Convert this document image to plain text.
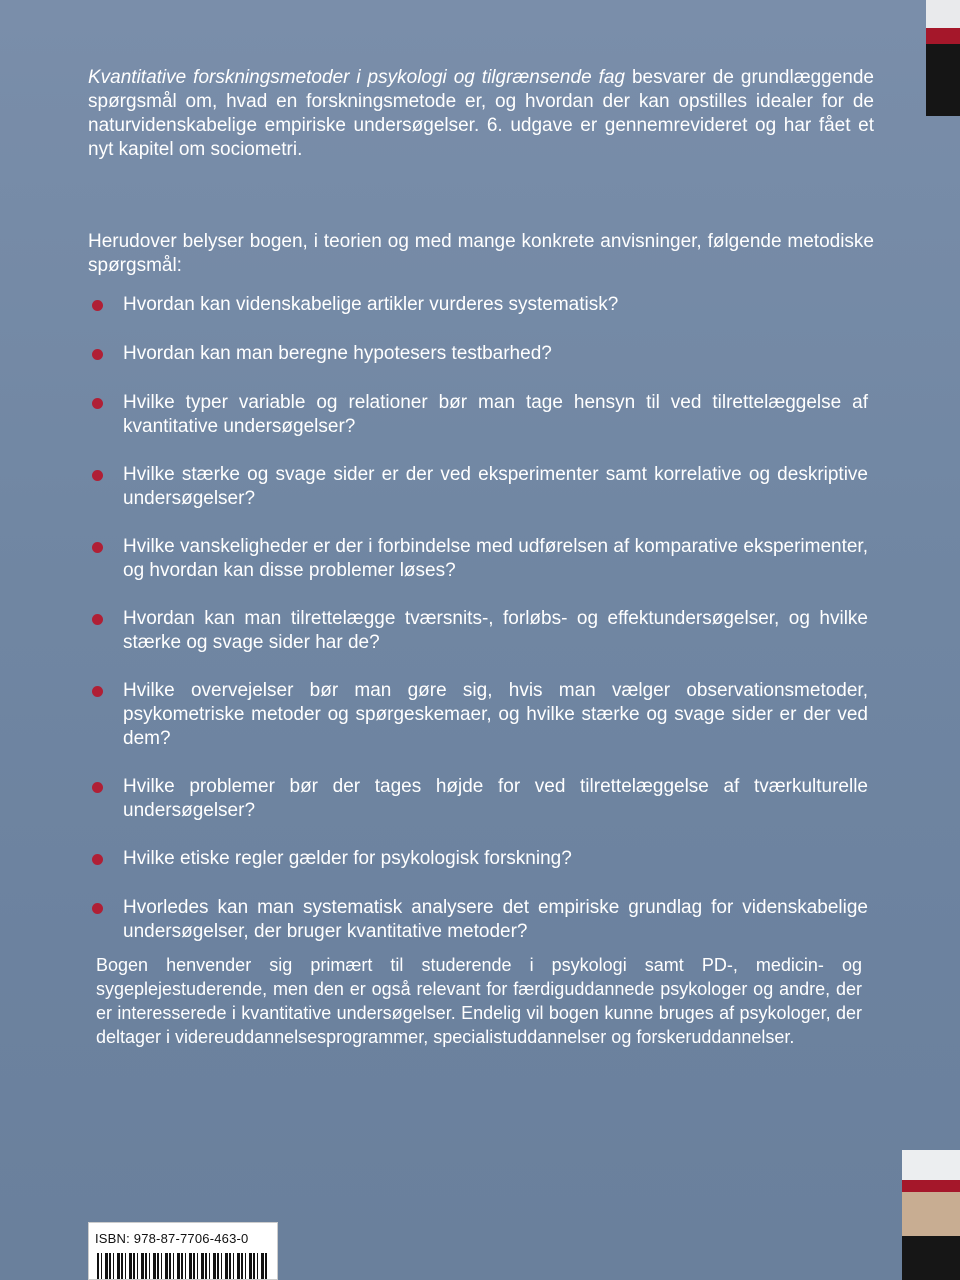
Kvantitative forskningsmetoder i psykologi og tilgrænsende fag besvarer de grundlæggende spørgsmål om, hvad en forskningsmetode er, og hvordan der kan opstilles idealer for de naturvidenskabelige empiriske undersøgelser. 6. udgave er gennemrevideret og har fået et nyt kapitel om sociometri.

Herudover belyser bogen, i teorien og med mange konkrete anvisninger, følgende metodiske spørgsmål:

Hvordan kan videnskabelige artikler vurderes systematisk?
Hvordan kan man beregne hypotesers testbarhed?
Hvilke typer variable og relationer bør man tage hensyn til ved tilrettelæggelse af kvantitative undersøgelser?
Hvilke stærke og svage sider er der ved eksperimenter samt korrelative og deskriptive undersøgelser?
Hvilke vanskeligheder er der i forbindelse med udførelsen af komparative eksperimenter, og hvordan kan disse problemer løses?
Hvordan kan man tilrettelægge tværsnits-, forløbs- og effektundersøgelser, og hvilke stærke og svage sider har de?
Hvilke overvejelser bør man gøre sig, hvis man vælger observationsmetoder, psykometriske metoder og spørgeskemaer, og hvilke stærke og svage sider er der ved dem?
Hvilke problemer bør der tages højde for ved tilrettelæggelse af tværkulturelle undersøgelser?
Hvilke etiske regler gælder for psykologisk forskning?
Hvorledes kan man systematisk analysere det empiriske grundlag for videnskabelige undersøgelser, der bruger kvantitative metoder?

Bogen henvender sig primært til studerende i psykologi samt PD-, medicin- og sygeplejestuderende, men den er også relevant for færdiguddannede psykologer og andre, der er interesserede i kvantitative undersøgelser. Endelig vil bogen kunne bruges af psykologer, der deltager i videreuddannelsesprogrammer, specialistuddannelser og forskeruddannelser.

ISBN: 978-87-7706-463-0
